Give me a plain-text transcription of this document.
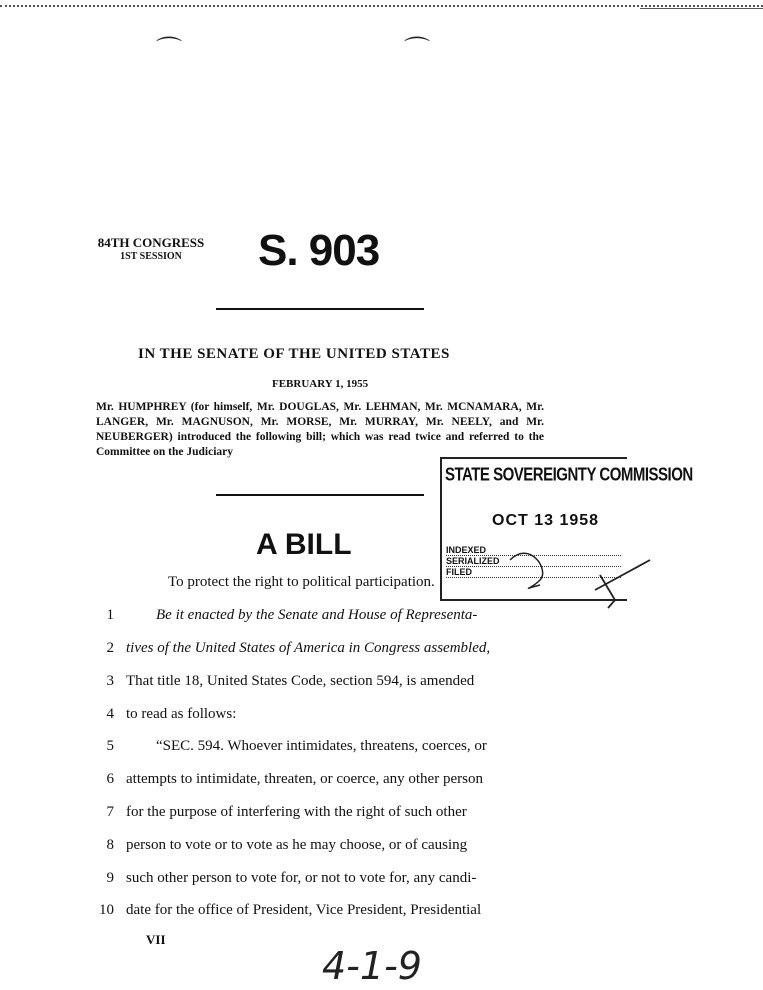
⌒	⌒
84TH CONGRESS
1ST SESSION	S. 903
IN THE SENATE OF THE UNITED STATES
FEBRUARY 1, 1955
Mr. HUMPHREY (for himself, Mr. DOUGLAS, Mr. LEHMAN, Mr. MCNAMARA, Mr. LANGER, Mr. MAGNUSON, Mr. MORSE, Mr. MURRAY, Mr. NEELY, and Mr. NEUBERGER) introduced the following bill; which was read twice and referred to the Committee on the Judiciary
STATE SOVEREIGNTY COMMISSION
OCT 13 1958
INDEXED
SERIALIZED
FILED
A BILL
To protect the right to political participation.
1	Be it enacted by the Senate and House of Representa-
2 tives of the United States of America in Congress assembled,
3 That title 18, United States Code, section 594, is amended
4 to read as follows:
5	“SEC. 594. Whoever intimidates, threatens, coerces, or
6 attempts to intimidate, threaten, or coerce, any other person
7 for the purpose of interfering with the right of such other
8 person to vote or to vote as he may choose, or of causing
9 such other person to vote for, or not to vote for, any candi-
10 date for the office of President, Vice President, Presidential
VII
4-1-9
